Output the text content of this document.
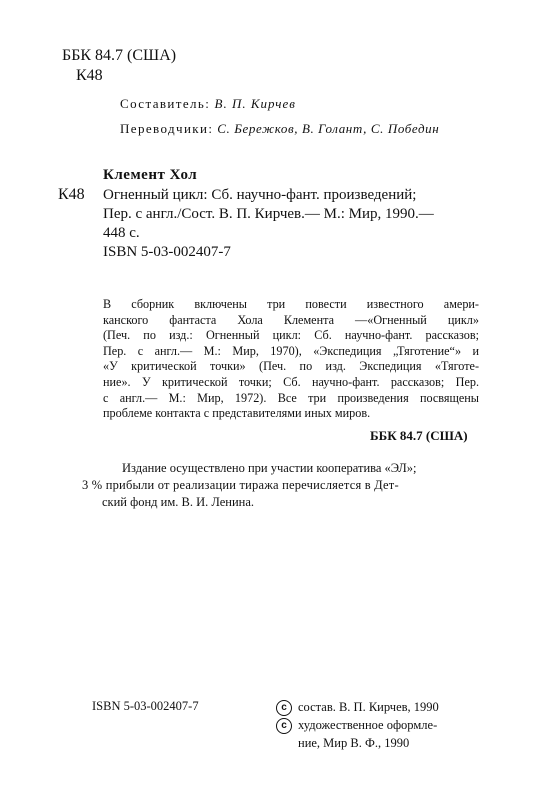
ББК 84.7 (США)
К48
Составитель: В. П. Кирчев
Переводчики: С. Бережков, В. Голант, С. Победин
Клемент Хол
К48 Огненный цикл: Сб. научно-фант. произведений;
Пер. с англ./Сост. В. П. Кирчев.— М.: Мир, 1990.—
448 с.
ISBN 5-03-002407-7
В сборник включены три повести известного амери-
канского фантаста Хола Клемента —«Огненный цикл»
(Печ. по изд.: Огненный цикл: Сб. научно-фант. рассказов;
Пер. с англ.— М.: Мир, 1970), «Экспедиция „Тяготение“» и
«У критической точки» (Печ. по изд. Экспедиция «Тяготе-
ние». У критической точки; Сб. научно-фант. рассказов; Пер.
с англ.— М.: Мир, 1972). Все три произведения посвящены
проблеме контакта с представителями иных миров.
ББК 84.7 (США)
Издание осуществлено при участии кооператива «ЭЛ»;
3 % прибыли от реализации тиража перечисляется в Дет-
ский фонд им. В. И. Ленина.
ISBN 5-03-002407-7	c состав. В. П. Кирчев, 1990
c художественное оформле-
ние, Мир В. Ф., 1990
